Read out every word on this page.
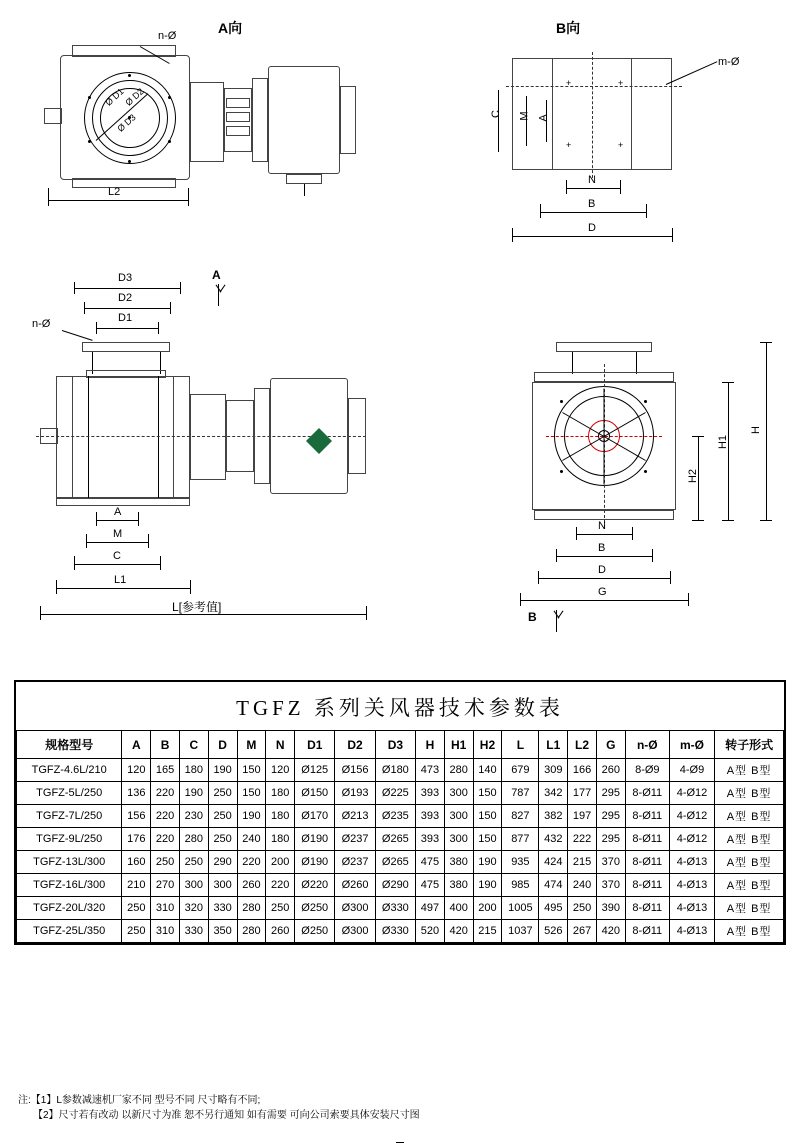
A向
n-Ø
Ø D1
Ø D2
Ø D3
L2
B向
+	+
+	+
m-Ø
C M A
N
B
D
D3
D2
D1
n-Ø
A
A
M
C
L1
L[参考值]
H
H1
H2
N
B
D
G
B
TGFZ 系列关风器技术参数表
规格型号	A	B	C	D	M	N	D1	D2	D3	H	H1	H2	L	L1	L2	G	n-Ø	m-Ø	转子形式
TGFZ-4.6L/210	120	165	180	190	150	120	Ø125	Ø156	Ø180	473	280	140	679	309	166	260	8-Ø9	4-Ø9	A型 B型
TGFZ-5L/250	136	220	190	250	150	180	Ø150	Ø193	Ø225	393	300	150	787	342	177	295	8-Ø11	4-Ø12	A型 B型
TGFZ-7L/250	156	220	230	250	190	180	Ø170	Ø213	Ø235	393	300	150	827	382	197	295	8-Ø11	4-Ø12	A型 B型
TGFZ-9L/250	176	220	280	250	240	180	Ø190	Ø237	Ø265	393	300	150	877	432	222	295	8-Ø11	4-Ø12	A型 B型
TGFZ-13L/300	160	250	250	290	220	200	Ø190	Ø237	Ø265	475	380	190	935	424	215	370	8-Ø11	4-Ø13	A型 B型
TGFZ-16L/300	210	270	300	300	260	220	Ø220	Ø260	Ø290	475	380	190	985	474	240	370	8-Ø11	4-Ø13	A型 B型
TGFZ-20L/320	250	310	320	330	280	250	Ø250	Ø300	Ø330	497	400	200	1005	495	250	390	8-Ø11	4-Ø13	A型 B型
TGFZ-25L/350	250	310	330	350	280	260	Ø250	Ø300	Ø330	520	420	215	1037	526	267	420	8-Ø11	4-Ø13	A型 B型
注:【1】L参数减速机厂家不同 型号不同 尺寸略有不同;
　　【2】尺寸若有改动 以新尺寸为准 恕不另行通知 如有需要 可向公司索要具体安装尺寸图
